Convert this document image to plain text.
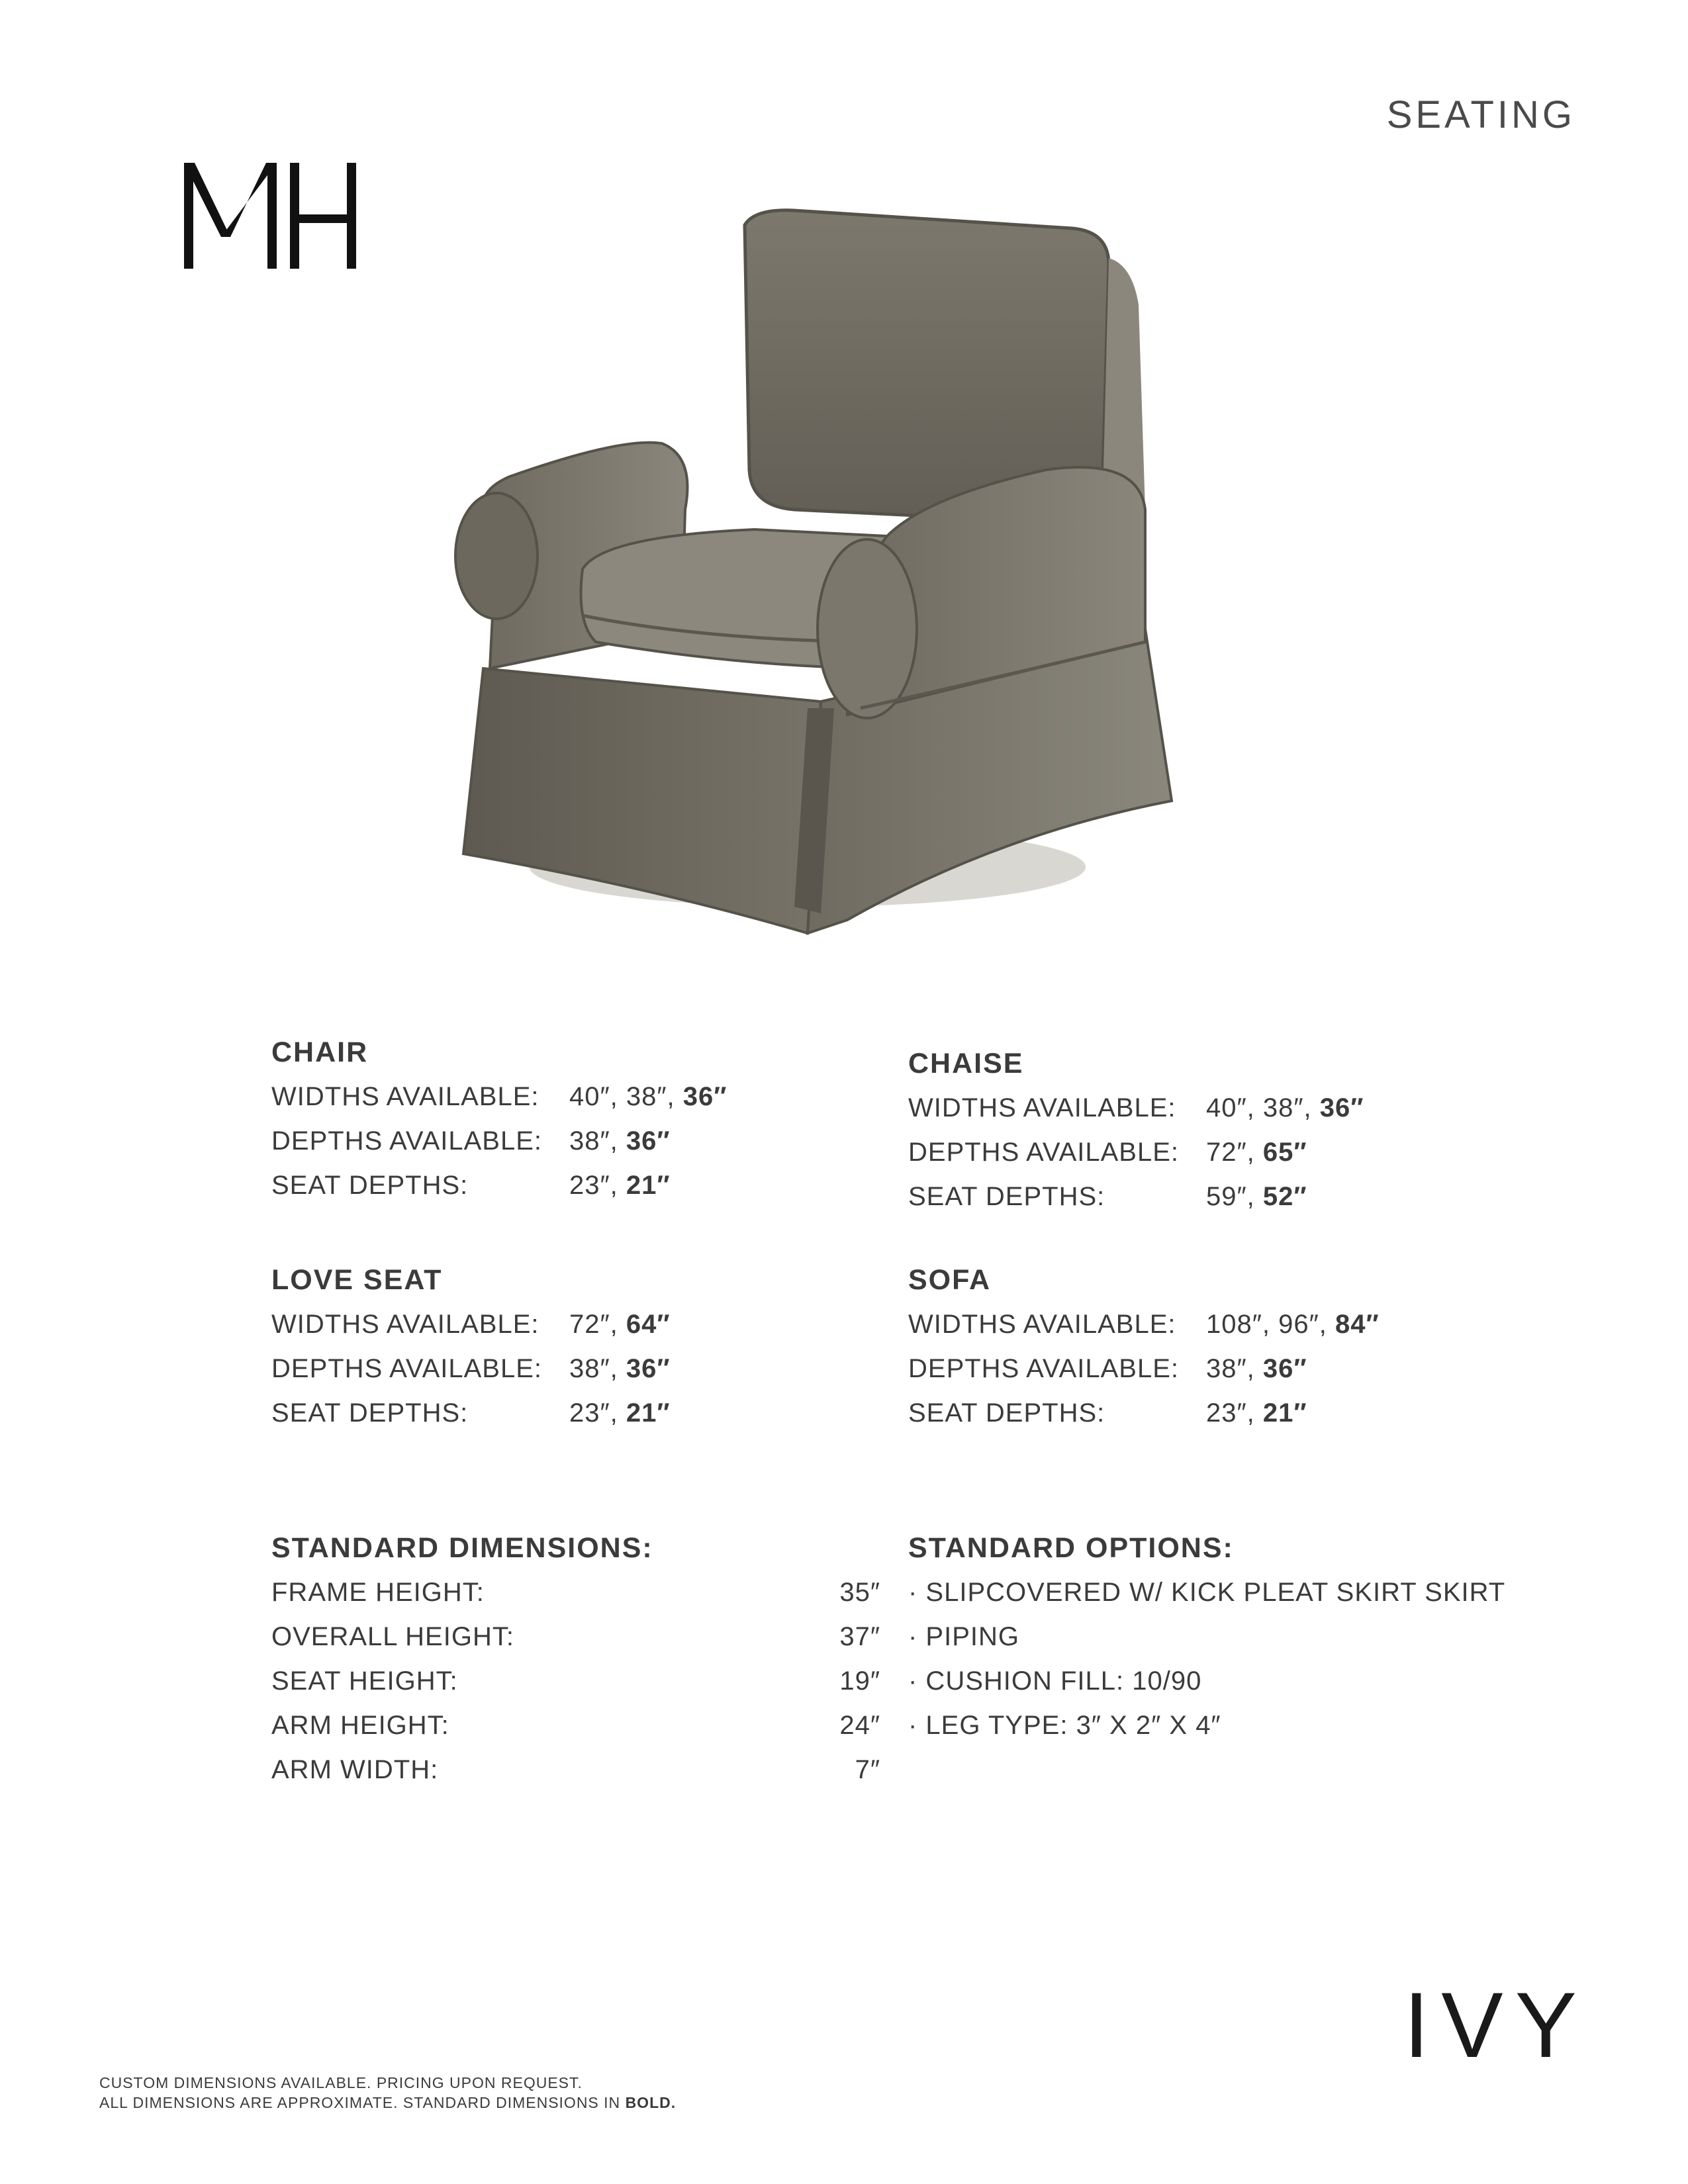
SEATING
CHAIR
WIDTHS AVAILABLE: 40″, 38″, 36″
DEPTHS AVAILABLE: 38″, 36″
SEAT DEPTHS:	23″, 21″
CHAISE
WIDTHS AVAILABLE: 40″, 38″, 36″
DEPTHS AVAILABLE: 72″, 65″
SEAT DEPTHS:	59″, 52″
LOVE SEAT
WIDTHS AVAILABLE: 72″, 64″
DEPTHS AVAILABLE: 38″, 36″
SEAT DEPTHS:	23″, 21″
SOFA
WIDTHS AVAILABLE: 108″, 96″, 84″
DEPTHS AVAILABLE: 38″, 36″
SEAT DEPTHS:	23″, 21″
STANDARD DIMENSIONS:
FRAME HEIGHT:	35″
OVERALL HEIGHT:	37″
SEAT HEIGHT:	19″
ARM HEIGHT:	24″
ARM WIDTH:	7″
STANDARD OPTIONS:
· SLIPCOVERED W/ KICK PLEAT SKIRT SKIRT
· PIPING
· CUSHION FILL: 10/90
· LEG TYPE: 3″ X 2″ X 4″
IVY
CUSTOM DIMENSIONS AVAILABLE. PRICING UPON REQUEST.
ALL DIMENSIONS ARE APPROXIMATE. STANDARD DIMENSIONS IN BOLD.
